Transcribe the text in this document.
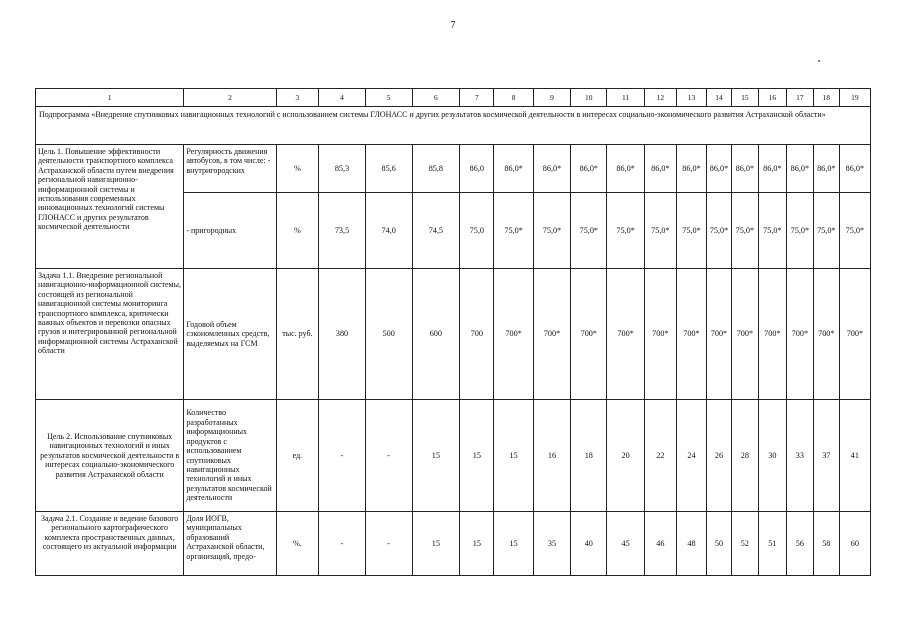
7
1	2	3	4	5	6	7	8	9	10	11	12	13	14	15	16	17	18	19
Подпрограмма «Внедрение спутниковых навигационных технологий с использованием системы ГЛОНАСС и других результатов космической деятельности в интересах социально-экономического развития Астраханской области»																		
Цель 1. Повышение эффективности деятельности транспортного комплекса Астраханской области путем внедрения региональной навигационно-информационной системы и использования современных инновационных технологий системы ГЛОНАСС и других результатов космической деятельности	Регулярность движения автобусов, в том числе: - внутригородских	%	85,3	85,6	85,8	86,0	86,0*	86,0*	86,0*	86,0*	86,0*	86,0*	86,0*	86,0*	86,0*	86,0*	86,0*	86,0*
	- пригородных	%	73,5	74,0	74,5	75,0	75,0*	75,0*	75,0*	75,0*	75,0*	75,0*	75,0*	75,0*	75,0*	75,0*	75,0*	75,0*
Задача 1.1. Внедрение региональной навигационно-информационной системы, состоящей из региональной навигационной системы мониторинга транспортного комплекса, критически важных объектов и перевозки опасных грузов и интегрированной региональной информационной системы Астраханской области	Годовой объем сэкономленных средств, выделяемых на ГСМ	тыс. руб.	380	500	600	700	700*	700*	700*	700*	700*	700*	700*	700*	700*	700*	700*	700*
Цель 2. Использование спутниковых навигационных технологий и иных результатов космической деятельности в интересах социально-экономического развития Астраханской области	Количество разработанных информационных продуктов с использованием спутниковых навигационных технологий и иных результатов космической деятельности	ед.	-	-	15	15	15	16	18	20	22	24	26	28	30	33	37	41
Задача 2.1. Создание и ведение базового регионального картографического комплекта пространственных данных, состоящего из актуальной информации	Доля ИОГВ, муниципальных образований Астраханской области, организаций, предо-	%.	-	-	15	15	15	35	40	45	46	48	50	52	51	56	58	60
